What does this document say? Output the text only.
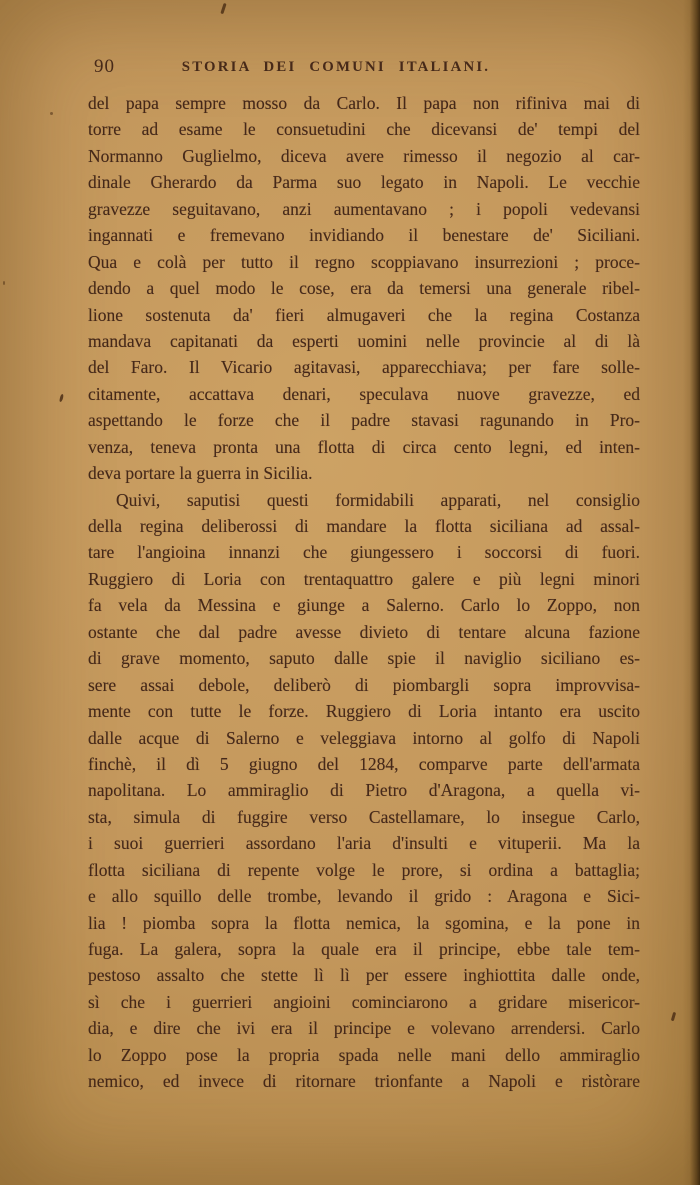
90	STORIA DEI COMUNI ITALIANI.
del papa sempre mosso da Carlo. Il papa non rifiniva mai di
torre ad esame le consuetudini che dicevansi de' tempi del
Normanno Guglielmo, diceva avere rimesso il negozio al car-
dinale Gherardo da Parma suo legato in Napoli. Le vecchie
gravezze seguitavano, anzi aumentavano ; i popoli vedevansi
ingannati e fremevano invidiando il benestare de' Siciliani.
Qua e colà per tutto il regno scoppiavano insurrezioni ; proce-
dendo a quel modo le cose, era da temersi una generale ribel-
lione sostenuta da' fieri almugaveri che la regina Costanza
mandava capitanati da esperti uomini nelle provincie al di là
del Faro. Il Vicario agitavasi, apparecchiava; per fare solle-
citamente, accattava denari, speculava nuove gravezze, ed
aspettando le forze che il padre stavasi ragunando in Pro-
venza, teneva pronta una flotta di circa cento legni, ed inten-
deva portare la guerra in Sicilia.
Quivi, saputisi questi formidabili apparati, nel consiglio
della regina deliberossi di mandare la flotta siciliana ad assal-
tare l'angioina innanzi che giungessero i soccorsi di fuori.
Ruggiero di Loria con trentaquattro galere e più legni minori
fa vela da Messina e giunge a Salerno. Carlo lo Zoppo, non
ostante che dal padre avesse divieto di tentare alcuna fazione
di grave momento, saputo dalle spie il naviglio siciliano es-
sere assai debole, deliberò di piombargli sopra improvvisa-
mente con tutte le forze. Ruggiero di Loria intanto era uscito
dalle acque di Salerno e veleggiava intorno al golfo di Napoli
finchè, il dì 5 giugno del 1284, comparve parte dell'armata
napolitana. Lo ammiraglio di Pietro d'Aragona, a quella vi-
sta, simula di fuggire verso Castellamare, lo insegue Carlo,
i suoi guerrieri assordano l'aria d'insulti e vituperii. Ma la
flotta siciliana di repente volge le prore, si ordina a battaglia;
e allo squillo delle trombe, levando il grido : Aragona e Sici-
lia ! piomba sopra la flotta nemica, la sgomina, e la pone in
fuga. La galera, sopra la quale era il principe, ebbe tale tem-
pestoso assalto che stette lì lì per essere inghiottita dalle onde,
sì che i guerrieri angioini cominciarono a gridare misericor-
dia, e dire che ivi era il principe e volevano arrendersi. Carlo
lo Zoppo pose la propria spada nelle mani dello ammiraglio
nemico, ed invece di ritornare trionfante a Napoli e ristòrare
